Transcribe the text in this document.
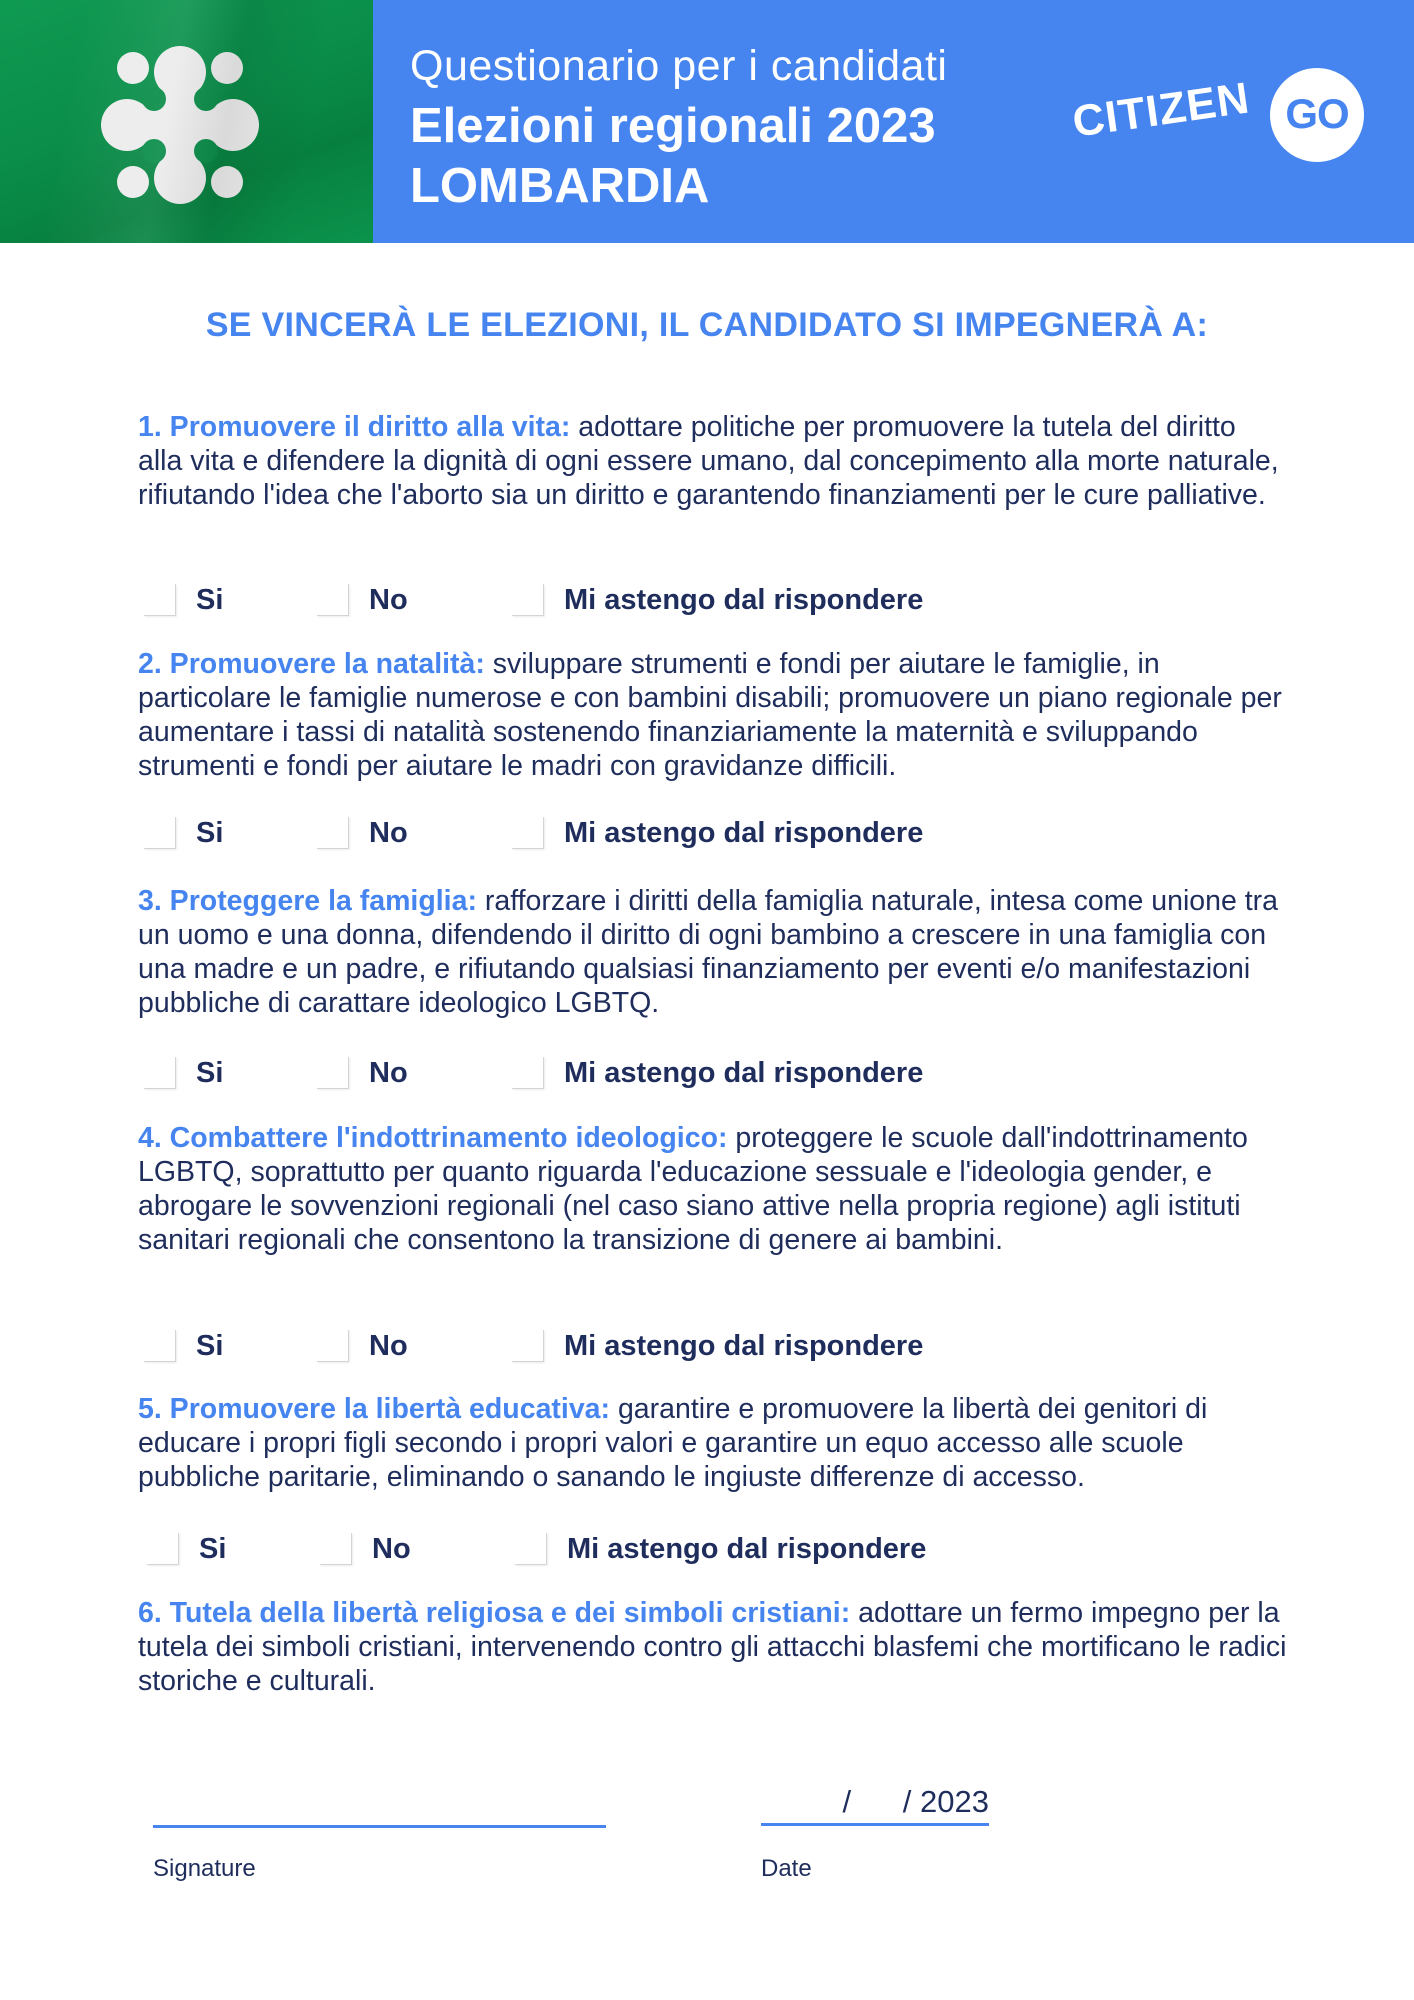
Questionario per i candidati
Elezioni regionali 2023
LOMBARDIA
CITIZEN GO
SE VINCERÀ LE ELEZIONI, IL CANDIDATO SI IMPEGNERÀ A:
1. Promuovere il diritto alla vita: adottare politiche per promuovere la tutela del diritto alla vita e difendere la dignità di ogni essere umano, dal concepimento alla morte naturale, rifiutando l'idea che l'aborto sia un diritto e garantendo finanziamenti per le cure palliative.
Si	No	Mi astengo dal rispondere
2. Promuovere la natalità: sviluppare strumenti e fondi per aiutare le famiglie, in particolare le famiglie numerose e con bambini disabili; promuovere un piano regionale per aumentare i tassi di natalità sostenendo finanziariamente la maternità e sviluppando strumenti e fondi per aiutare le madri con gravidanze difficili.
Si	No	Mi astengo dal rispondere
3. Proteggere la famiglia: rafforzare i diritti della famiglia naturale, intesa come unione tra un uomo e una donna, difendendo il diritto di ogni bambino a crescere in una famiglia con una madre e un padre, e rifiutando qualsiasi finanziamento per eventi e/o manifestazioni pubbliche di carattare ideologico LGBTQ.
Si	No	Mi astengo dal rispondere
4. Combattere l'indottrinamento ideologico: proteggere le scuole dall'indottrinamento LGBTQ, soprattutto per quanto riguarda l'educazione sessuale e l'ideologia gender, e abrogare le sovvenzioni regionali (nel caso siano attive nella propria regione) agli istituti sanitari regionali che consentono la transizione di genere ai bambini.
Si	No	Mi astengo dal rispondere
5. Promuovere la libertà educativa: garantire e promuovere la libertà dei genitori di educare i propri figli secondo i propri valori e garantire un equo accesso alle scuole pubbliche paritarie, eliminando o sanando le ingiuste differenze di accesso.
Si	No	Mi astengo dal rispondere
6. Tutela della libertà religiosa e dei simboli cristiani: adottare un fermo impegno per la tutela dei simboli cristiani, intervenendo contro gli attacchi blasfemi che mortificano le radici storiche e culturali.
Signature
/      / 2023
Date
